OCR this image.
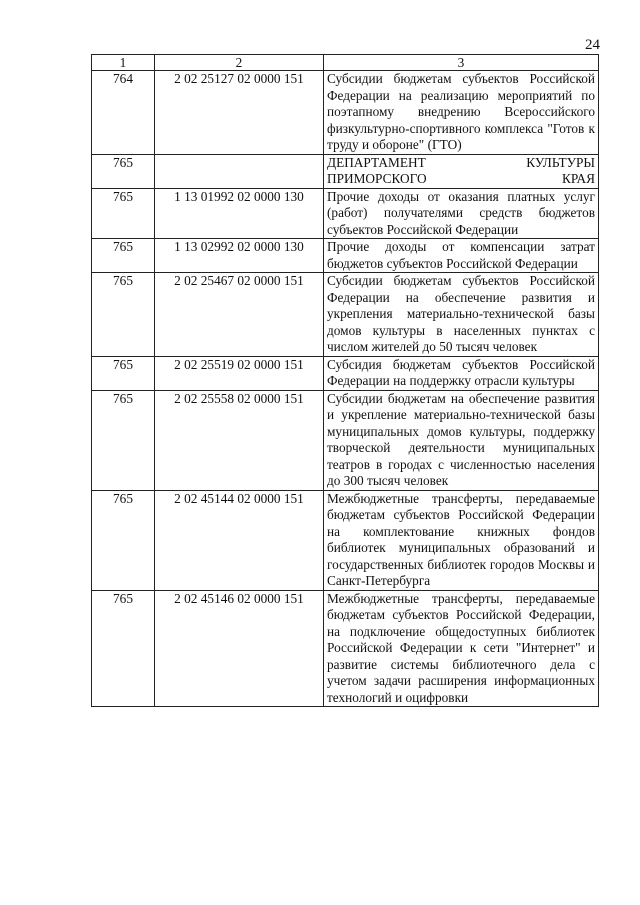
24
1	2	3
764	2 02 25127 02 0000 151	Субсидии бюджетам субъектов Российской Федерации на реализацию мероприятий по поэтапному внедрению Всероссийского физкультурно-спортивного комплекса "Готов к труду и обороне" (ГТО)
765		ДЕПАРТАМЕНТ КУЛЬТУРЫ ПРИМОРСКОГО КРАЯ
765	1 13 01992 02 0000 130	Прочие доходы от оказания платных услуг (работ) получателями средств бюджетов субъектов Российской Федерации
765	1 13 02992 02 0000 130	Прочие доходы от компенсации затрат бюджетов субъектов Российской Федерации
765	2 02 25467 02 0000 151	Субсидии бюджетам субъектов Российской Федерации на обеспечение развития и укрепления материально-технической базы домов культуры в населенных пунктах с числом жителей до 50 тысяч человек
765	2 02 25519 02 0000 151	Субсидия бюджетам субъектов Российской Федерации на поддержку отрасли культуры
765	2 02 25558 02 0000 151	Субсидии бюджетам на обеспечение развития и укрепление материально-технической базы муниципальных домов культуры, поддержку творческой деятельности муниципальных театров в городах с численностью населения до 300 тысяч человек
765	2 02 45144 02 0000 151	Межбюджетные трансферты, передаваемые бюджетам субъектов Российской Федерации на комплектование книжных фондов библиотек муниципальных образований и государственных библиотек городов Москвы и Санкт-Петербурга
765	2 02 45146 02 0000 151	Межбюджетные трансферты, передаваемые бюджетам субъектов Российской Федерации, на подключение общедоступных библиотек Российской Федерации к сети "Интернет" и развитие системы библиотечного дела с учетом задачи расширения информационных технологий и оцифровки
